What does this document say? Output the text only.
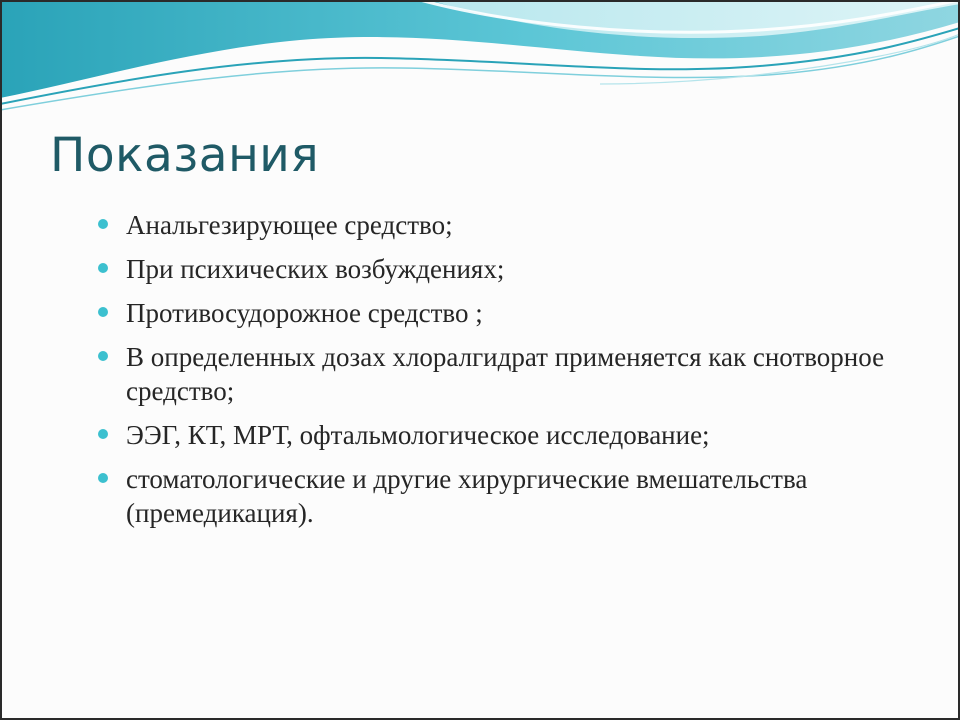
Показания
Анальгезирующее средство;
При психических возбуждениях;
Противосудорожное средство ;
В определенных дозах хлоралгидрат применяется как снотворное средство;
ЭЭГ, КТ, МРТ, офтальмологическое исследование;
стоматологические и другие хирургические вмешательства (премедикация).
